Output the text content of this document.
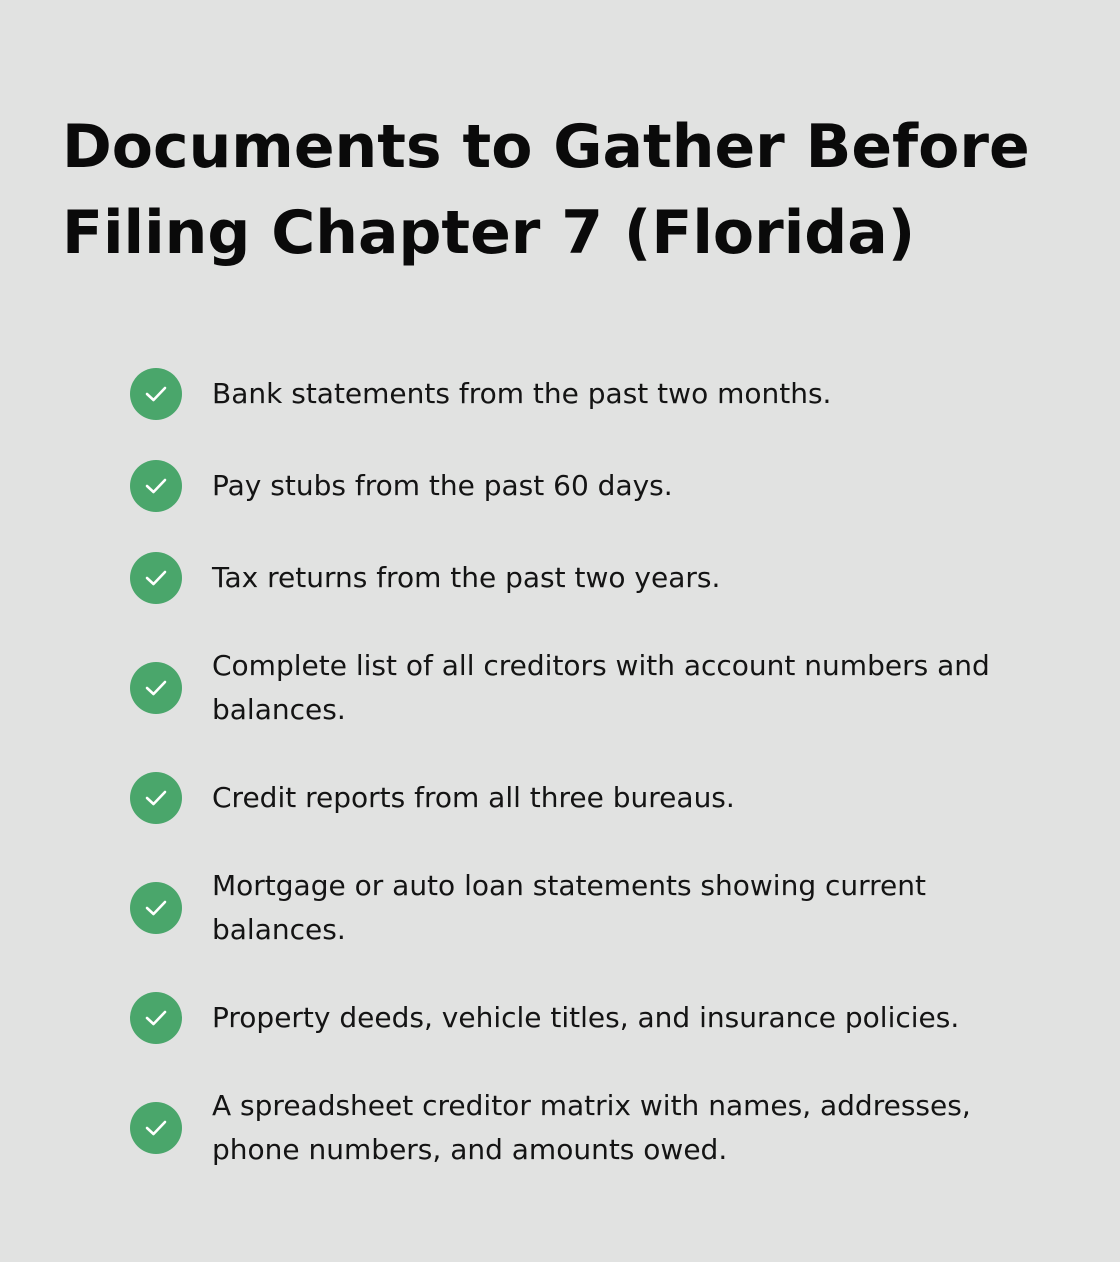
Documents to Gather Before Filing Chapter 7 (Florida)
Bank statements from the past two months.
Pay stubs from the past 60 days.
Tax returns from the past two years.
Complete list of all creditors with account numbers and balances.
Credit reports from all three bureaus.
Mortgage or auto loan statements showing current balances.
Property deeds, vehicle titles, and insurance policies.
A spreadsheet creditor matrix with names, addresses, phone numbers, and amounts owed.
